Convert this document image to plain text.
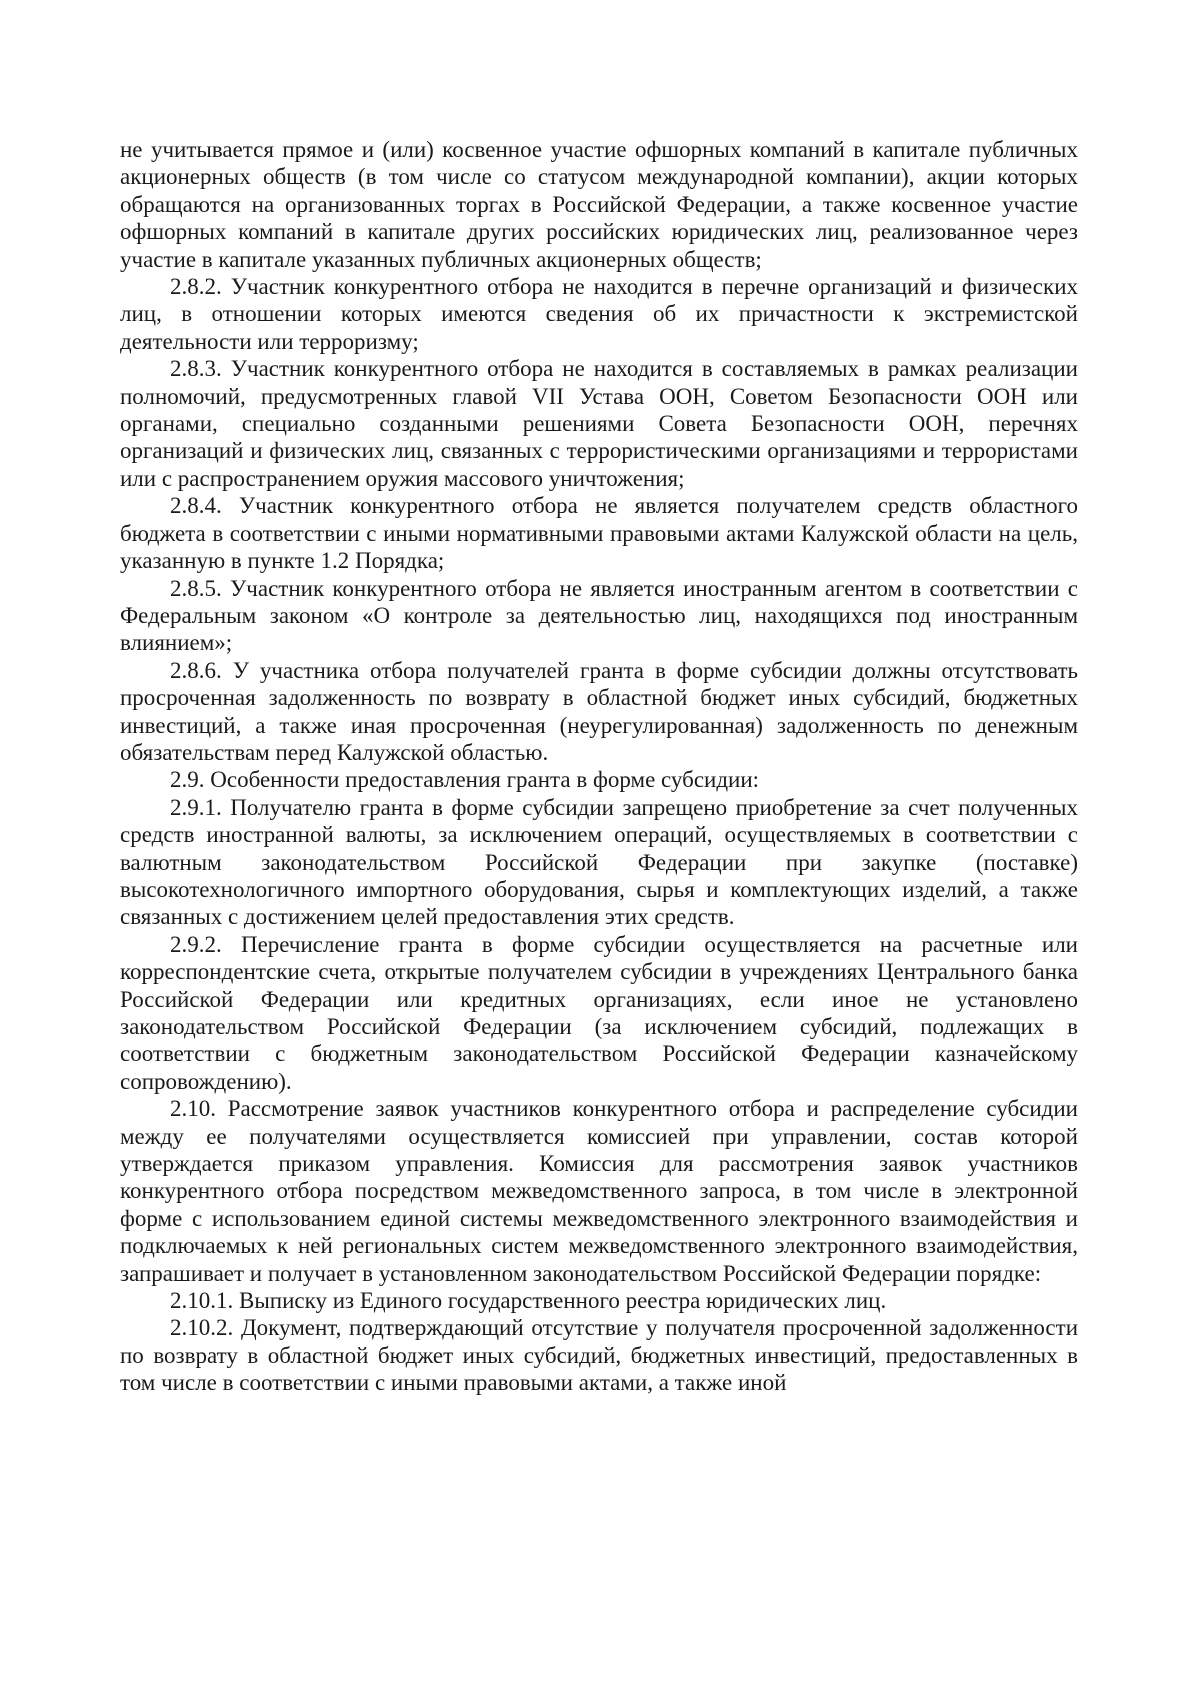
не учитывается прямое и (или) косвенное участие офшорных компаний в капитале публичных акционерных обществ (в том числе со статусом международной компании), акции которых обращаются на организованных торгах в Российской Федерации, а также косвенное участие офшорных компаний в капитале других российских юридических лиц, реализованное через участие в капитале указанных публичных акционерных обществ;

2.8.2. Участник конкурентного отбора не находится в перечне организаций и физических лиц, в отношении которых имеются сведения об их причастности к экстремистской деятельности или терроризму;

2.8.3. Участник конкурентного отбора не находится в составляемых в рамках реализации полномочий, предусмотренных главой VII Устава ООН, Советом Безопасности ООН или органами, специально созданными решениями Совета Безопасности ООН, перечнях организаций и физических лиц, связанных с террористическими организациями и террористами или с распространением оружия массового уничтожения;

2.8.4. Участник конкурентного отбора не является получателем средств областного бюджета в соответствии с иными нормативными правовыми актами Калужской области на цель, указанную в пункте 1.2 Порядка;

2.8.5. Участник конкурентного отбора не является иностранным агентом в соответствии с Федеральным законом «О контроле за деятельностью лиц, находящихся под иностранным влиянием»;

2.8.6. У участника отбора получателей гранта в форме субсидии должны отсутствовать просроченная задолженность по возврату в областной бюджет иных субсидий, бюджетных инвестиций, а также иная просроченная (неурегулированная) задолженность по денежным обязательствам перед Калужской областью.

2.9. Особенности предоставления гранта в форме субсидии:

2.9.1. Получателю гранта в форме субсидии запрещено приобретение за счет полученных средств иностранной валюты, за исключением операций, осуществляемых в соответствии с валютным законодательством Российской Федерации при закупке (поставке) высокотехнологичного импортного оборудования, сырья и комплектующих изделий, а также связанных с достижением целей предоставления этих средств.

2.9.2. Перечисление гранта в форме субсидии осуществляется на расчетные или корреспондентские счета, открытые получателем субсидии в учреждениях Центрального банка Российской Федерации или кредитных организациях, если иное не установлено законодательством Российской Федерации (за исключением субсидий, подлежащих в соответствии с бюджетным законодательством Российской Федерации казначейскому сопровождению).

2.10. Рассмотрение заявок участников конкурентного отбора и распределение субсидии между ее получателями осуществляется комиссией при управлении, состав которой утверждается приказом управления. Комиссия для рассмотрения заявок участников конкурентного отбора посредством межведомственного запроса, в том числе в электронной форме с использованием единой системы межведомственного электронного взаимодействия и подключаемых к ней региональных систем межведомственного электронного взаимодействия, запрашивает и получает в установленном законодательством Российской Федерации порядке:

2.10.1. Выписку из Единого государственного реестра юридических лиц.

2.10.2. Документ, подтверждающий отсутствие у получателя просроченной задолженности по возврату в областной бюджет иных субсидий, бюджетных инвестиций, предоставленных в том числе в соответствии с иными правовыми актами, а также иной
